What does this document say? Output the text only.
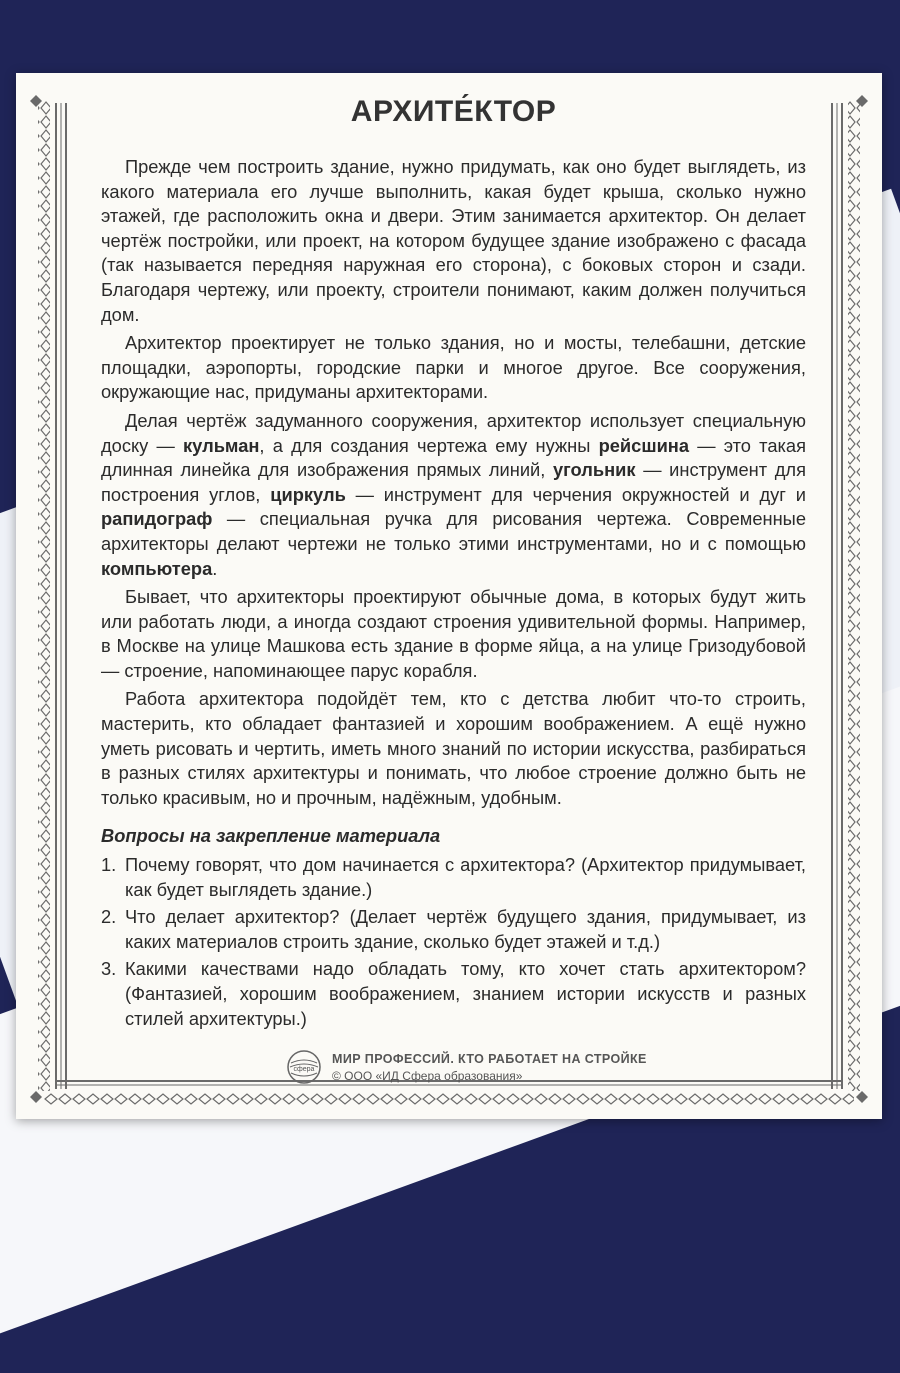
АРХИТЕ́КТОР

Прежде чем построить здание, нужно придумать, как оно будет выглядеть, из какого материала его лучше выполнить, какая будет крыша, сколько нужно этажей, где расположить окна и двери. Этим занимается архитектор. Он делает чертёж постройки, или проект, на котором будущее здание изображено с фасада (так называется передняя наружная его сторона), с боковых сторон и сзади. Благодаря чертежу, или проекту, строители понимают, каким должен получиться дом.

Архитектор проектирует не только здания, но и мосты, телебашни, детские площадки, аэропорты, городские парки и многое другое. Все сооружения, окружающие нас, придуманы архитекторами.

Делая чертёж задуманного сооружения, архитектор использует специальную доску — кульман, а для создания чертежа ему нужны рейсшина — это такая длинная линейка для изображения прямых линий, угольник — инструмент для построения углов, циркуль — инструмент для черчения окружностей и дуг и рапидограф — специальная ручка для рисования чертежа. Современные архитекторы делают чертежи не только этими инструментами, но и с помощью компьютера.

Бывает, что архитекторы проектируют обычные дома, в которых будут жить или работать люди, а иногда создают строения удивительной формы. Например, в Москве на улице Машкова есть здание в форме яйца, а на улице Гризодубовой — строение, напоминающее парус корабля.

Работа архитектора подойдёт тем, кто с детства любит что-то строить, мастерить, кто обладает фантазией и хорошим воображением. А ещё нужно уметь рисовать и чертить, иметь много знаний по истории искусства, разбираться в разных стилях архитектуры и понимать, что любое строение должно быть не только красивым, но и прочным, надёжным, удобным.

Вопросы на закрепление материала
1. Почему говорят, что дом начинается с архитектора? (Архитектор придумывает, как будет выглядеть здание.)
2. Что делает архитектор? (Делает чертёж будущего здания, придумывает, из каких материалов строить здание, сколько будет этажей и т.д.)
3. Какими качествами надо обладать тому, кто хочет стать архитектором? (Фантазией, хорошим воображением, знанием истории искусств и разных стилей архитектуры.)
сфера
МИР ПРОФЕССИЙ. КТО РАБОТАЕТ НА СТРОЙКЕ
© ООО «ИД Сфера образования»
